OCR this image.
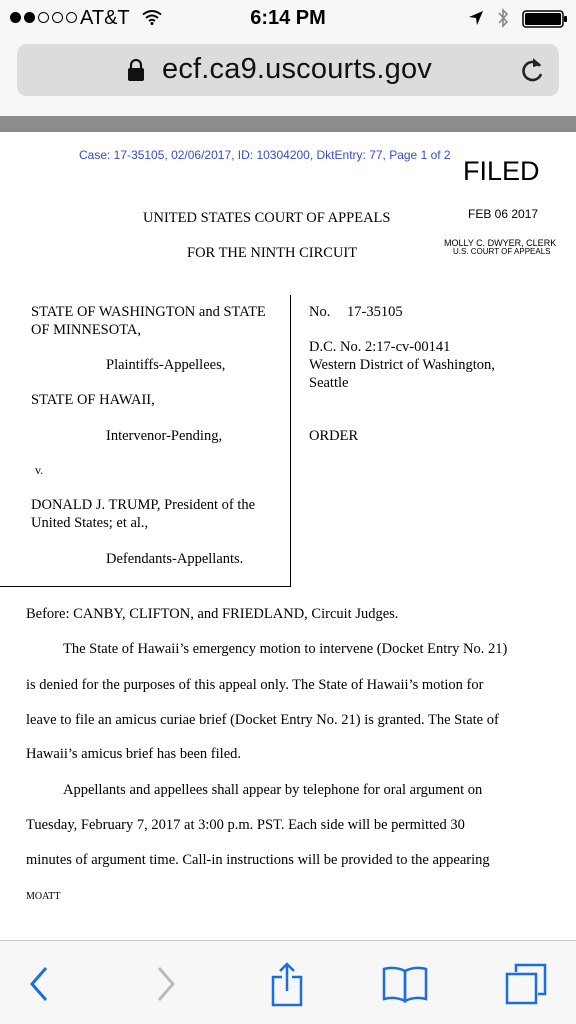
AT&T	6:14 PM
ecf.ca9.uscourts.gov
Case: 17-35105, 02/06/2017, ID: 10304200, DktEntry: 77, Page 1 of 2
FILED
UNITED STATES COURT OF APPEALS
FOR THE NINTH CIRCUIT
FEB 06 2017
MOLLY C. DWYER, CLERK
U.S. COURT OF APPEALS
STATE OF WASHINGTON and STATE
OF MINNESOTA,
Plaintiffs-Appellees,
STATE OF HAWAII,
Intervenor-Pending,
v.
DONALD J. TRUMP, President of the
United States; et al.,
Defendants-Appellants.
No. 17-35105
D.C. No. 2:17-cv-00141
Western District of Washington,
Seattle
ORDER
Before: CANBY, CLIFTON, and FRIEDLAND, Circuit Judges.
The State of Hawaii’s emergency motion to intervene (Docket Entry No. 21)
is denied for the purposes of this appeal only. The State of Hawaii’s motion for
leave to file an amicus curiae brief (Docket Entry No. 21) is granted. The State of
Hawaii’s amicus brief has been filed.
Appellants and appellees shall appear by telephone for oral argument on
Tuesday, February 7, 2017 at 3:00 p.m. PST. Each side will be permitted 30
minutes of argument time. Call-in instructions will be provided to the appearing
MOATT
